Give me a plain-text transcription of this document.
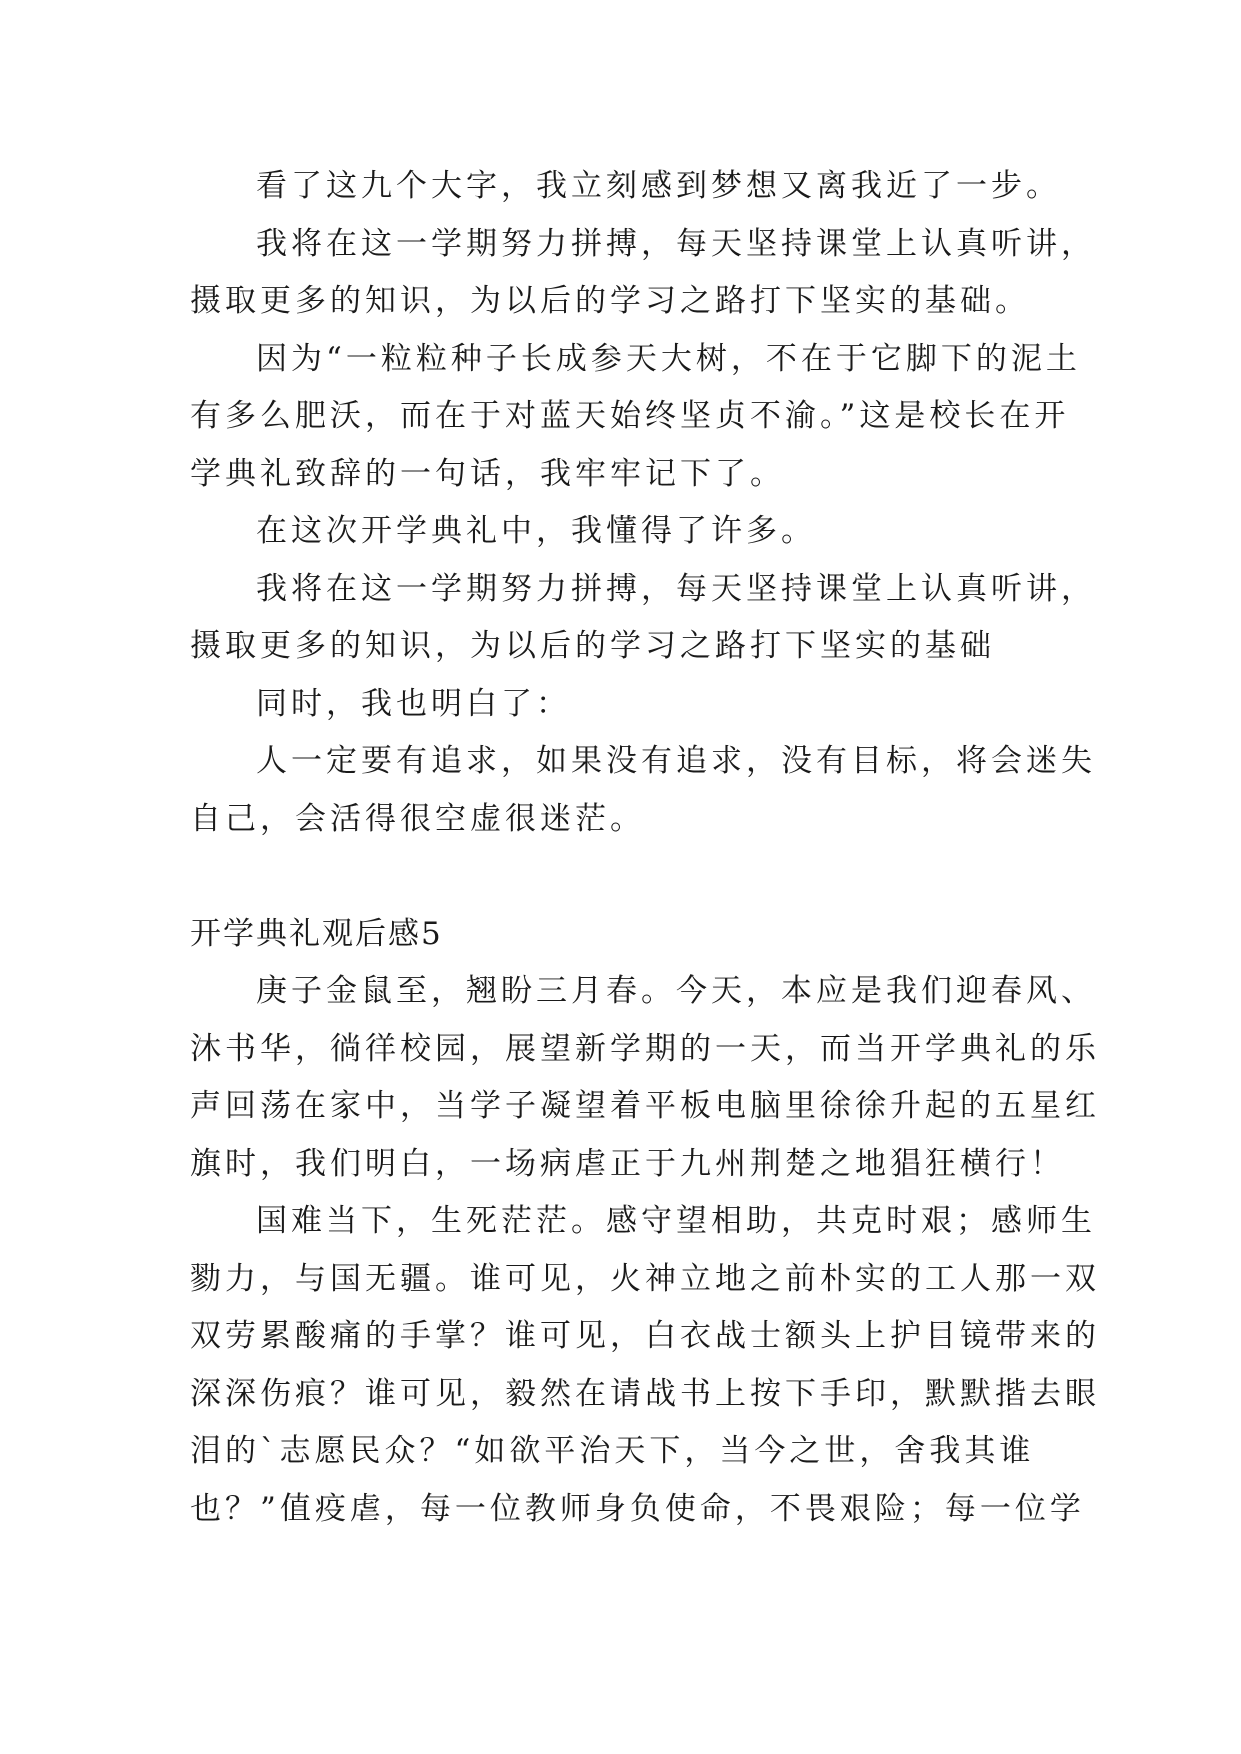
看了这九个大字，我立刻感到梦想又离我近了一步。
我将在这一学期努力拼搏，每天坚持课堂上认真听讲，
摄取更多的知识，为以后的学习之路打下坚实的基础。
因为“一粒粒种子长成参天大树，不在于它脚下的泥土
有多么肥沃，而在于对蓝天始终坚贞不渝。”这是校长在开
学典礼致辞的一句话，我牢牢记下了。
在这次开学典礼中，我懂得了许多。
我将在这一学期努力拼搏，每天坚持课堂上认真听讲，
摄取更多的知识，为以后的学习之路打下坚实的基础
同时，我也明白了：
人一定要有追求，如果没有追求，没有目标，将会迷失
自己，会活得很空虚很迷茫。
开学典礼观后感5
庚子金鼠至，翘盼三月春。今天，本应是我们迎春风、
沐书华，徜徉校园，展望新学期的一天，而当开学典礼的乐
声回荡在家中，当学子凝望着平板电脑里徐徐升起的五星红
旗时，我们明白，一场病虐正于九州荆楚之地猖狂横行！
国难当下，生死茫茫。感守望相助，共克时艰；感师生
勠力，与国无疆。谁可见，火神立地之前朴实的工人那一双
双劳累酸痛的手掌？谁可见，白衣战士额头上护目镜带来的
深深伤痕？谁可见，毅然在请战书上按下手印，默默揩去眼
泪的`志愿民众？“如欲平治天下，当今之世，舍我其谁
也？”值疫虐，每一位教师身负使命，不畏艰险；每一位学
